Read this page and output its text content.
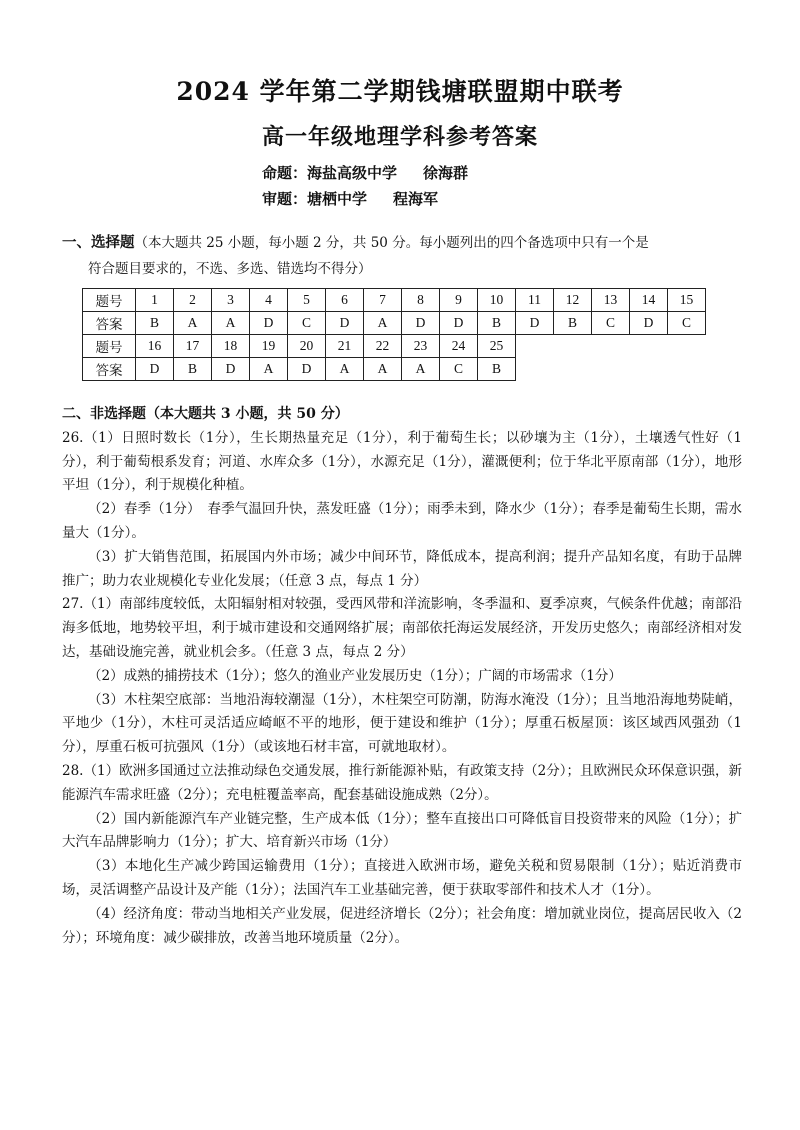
2024 学年第二学期钱塘联盟期中联考
高一年级地理学科参考答案
命题：海盐高级中学 徐海群
审题：塘栖中学 程海军
一、选择题（本大题共 25 小题，每小题 2 分，共 50 分。每小题列出的四个备选项中只有一个是
符合题目要求的，不选、多选、错选均不得分）
题号	1	2	3	4	5	6	7	8	9	10	11	12	13	14	15
答案	B	A	A	D	C	D	A	D	D	B	D	B	C	D	C
题号	16	17	18	19	20	21	22	23	24	25					
答案	D	B	D	A	D	A	A	A	C	B					

二、非选择题（本大题共 3 小题，共 50 分）

26.（1）日照时数长（1分），生长期热量充足（1分），利于葡萄生长；以砂壤为主（1分），土壤透气性好（1分），利于葡萄根系发育；河道、水库众多（1分），水源充足（1分），灌溉便利；位于华北平原南部（1分），地形平坦（1分），利于规模化种植。

（2）春季（1分）　春季气温回升快，蒸发旺盛（1分）；雨季未到，降水少（1分）；春季是葡萄生长期，需水量大（1分）。

（3）扩大销售范围，拓展国内外市场；减少中间环节，降低成本，提高利润；提升产品知名度，有助于品牌推广；助力农业规模化专业化发展；（任意 3 点，每点 1 分）

27.（1）南部纬度较低，太阳辐射相对较强，受西风带和洋流影响，冬季温和、夏季凉爽，气候条件优越；南部沿海多低地，地势较平坦，利于城市建设和交通网络扩展；南部依托海运发展经济，开发历史悠久；南部经济相对发达，基础设施完善，就业机会多。（任意 3 点，每点 2 分）

（2）成熟的捕捞技术（1分）；悠久的渔业产业发展历史（1分）；广阔的市场需求（1分）

（3）木柱架空底部：当地沿海较潮湿（1分），木柱架空可防潮，防海水淹没（1分）；且当地沿海地势陡峭，平地少（1分），木柱可灵活适应崎岖不平的地形，便于建设和维护（1分）；厚重石板屋顶：该区域西风强劲（1分），厚重石板可抗强风（1分）（或该地石材丰富，可就地取材）。

28.（1）欧洲多国通过立法推动绿色交通发展，推行新能源补贴，有政策支持（2分）；且欧洲民众环保意识强，新能源汽车需求旺盛（2分）；充电桩覆盖率高，配套基础设施成熟（2分）。

（2）国内新能源汽车产业链完整，生产成本低（1分）；整车直接出口可降低盲目投资带来的风险（1分）；扩大汽车品牌影响力（1分）；扩大、培育新兴市场（1分）

（3）本地化生产减少跨国运输费用（1分）；直接进入欧洲市场，避免关税和贸易限制（1分）；贴近消费市场，灵活调整产品设计及产能（1分）；法国汽车工业基础完善，便于获取零部件和技术人才（1分）。

（4）经济角度：带动当地相关产业发展，促进经济增长（2分）；社会角度：增加就业岗位，提高居民收入（2分）；环境角度：减少碳排放，改善当地环境质量（2分）。
